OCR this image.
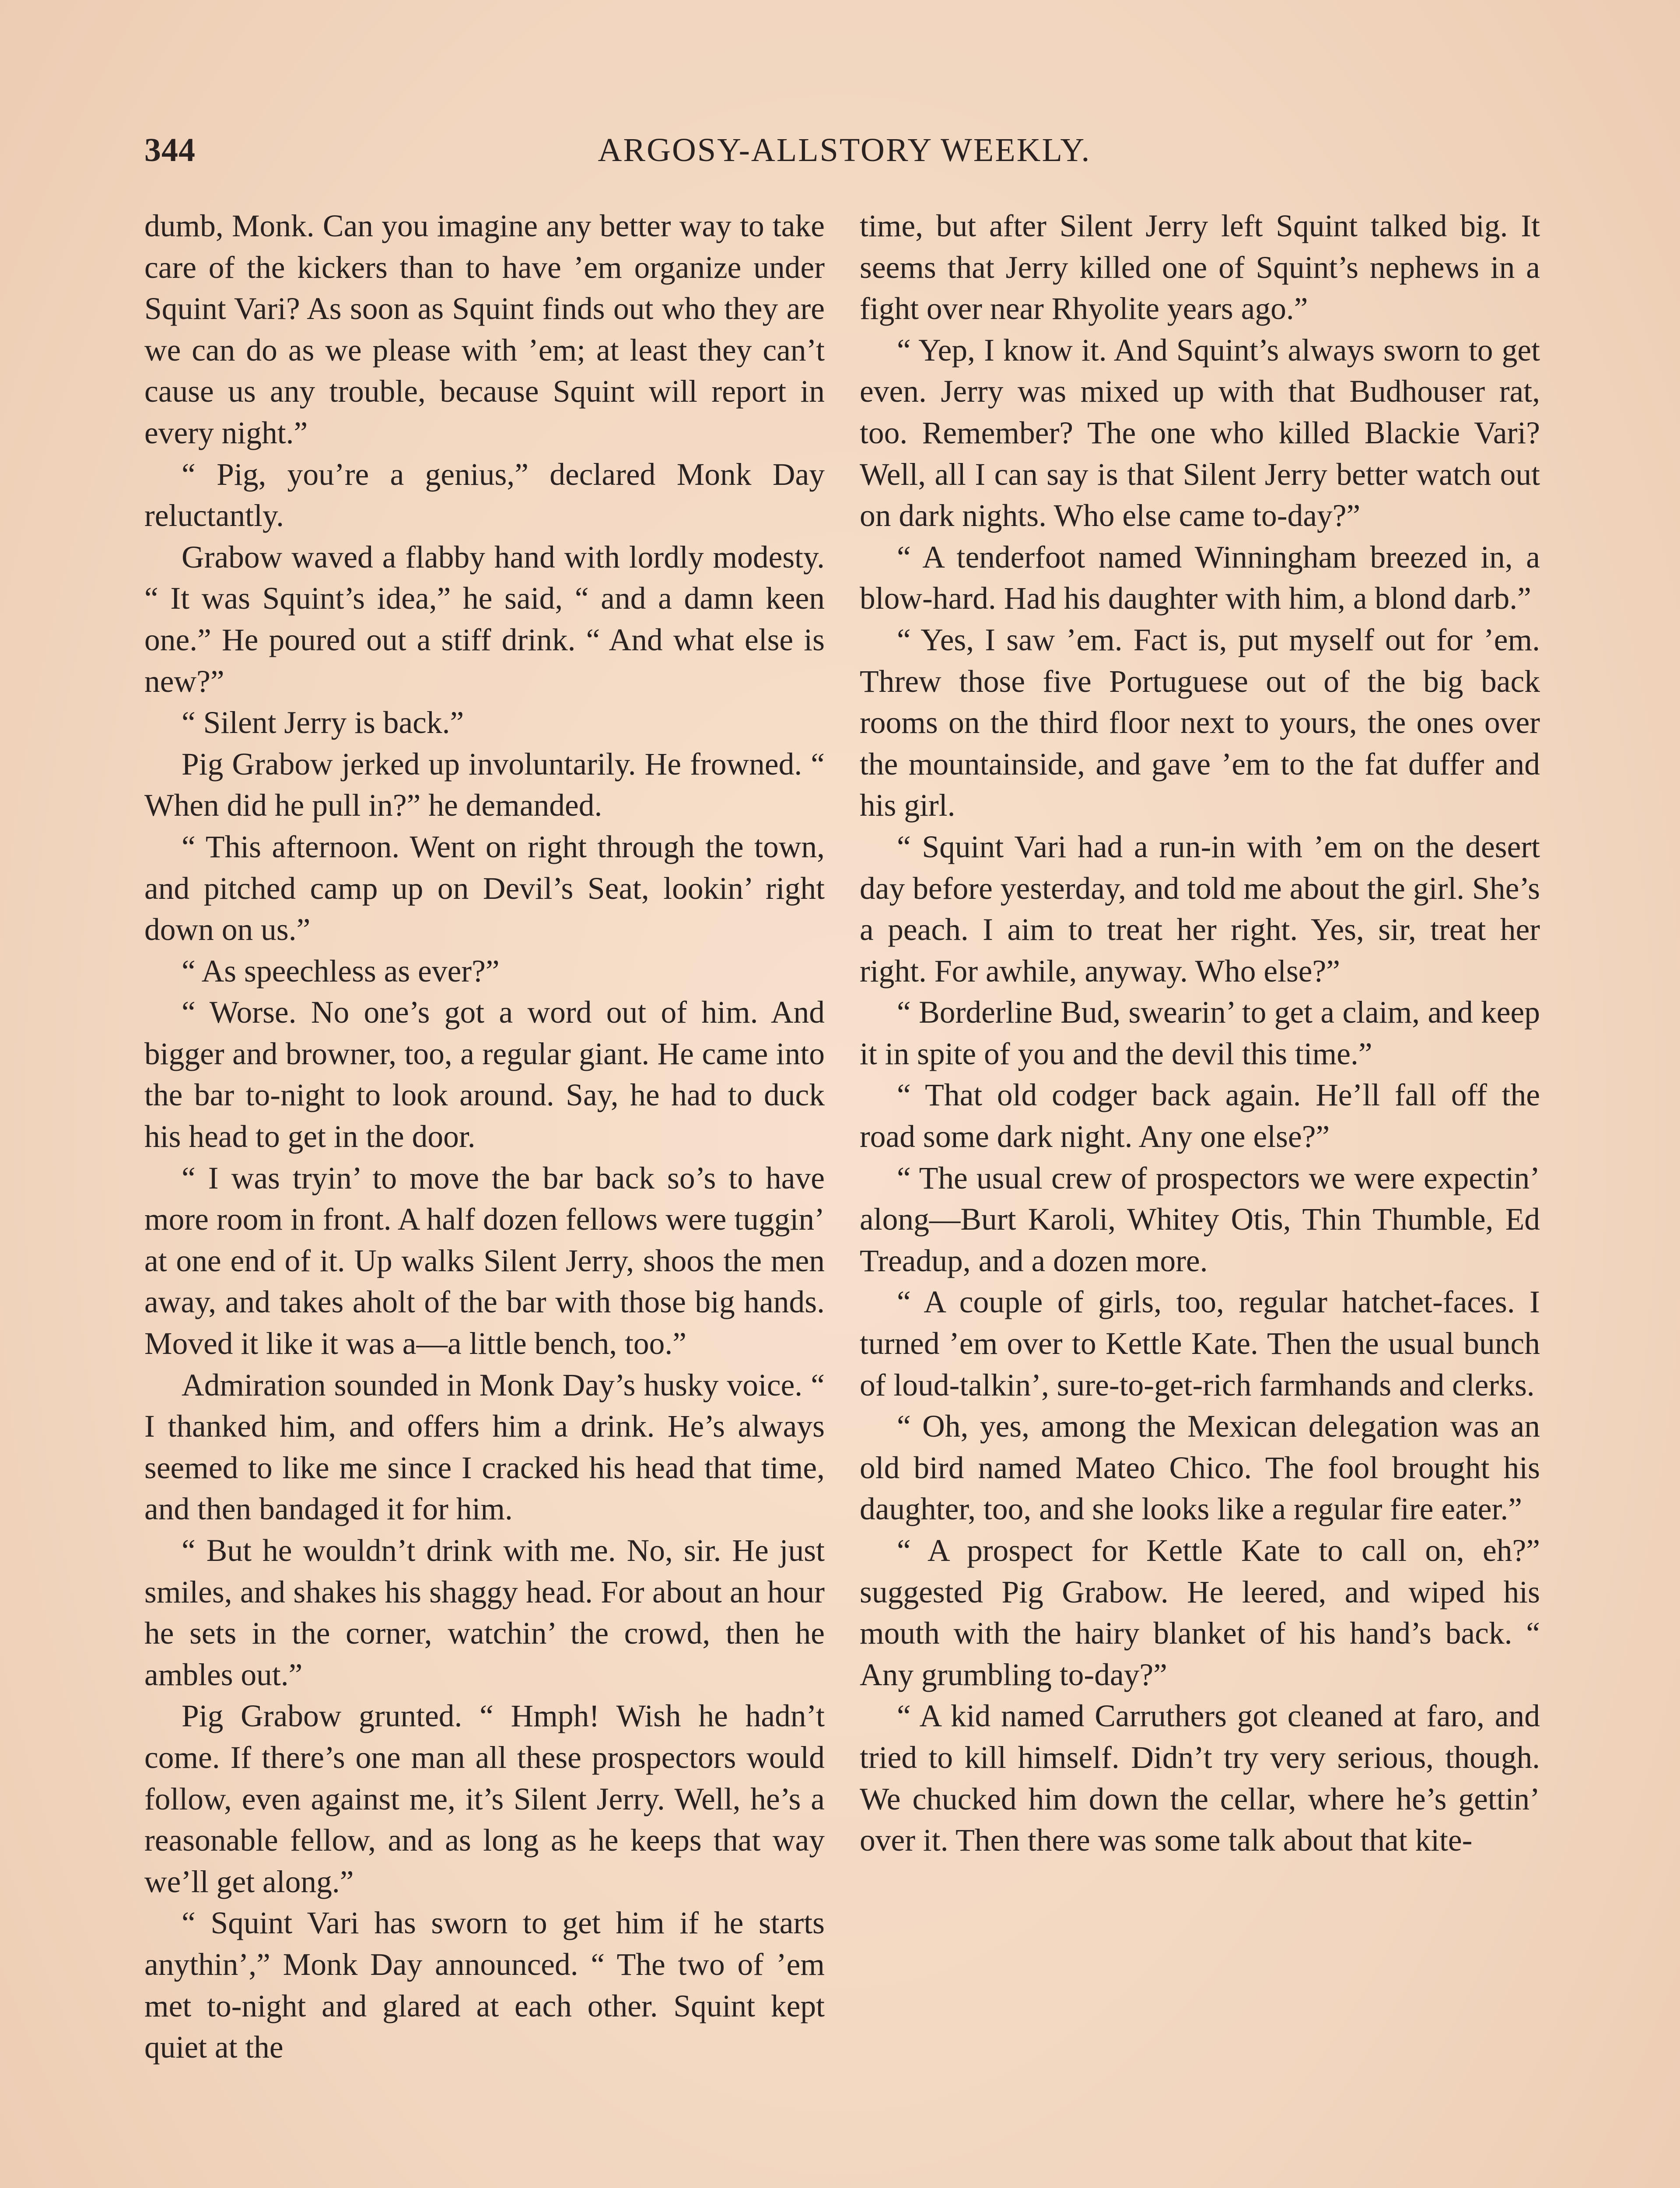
344	ARGOSY-ALLSTORY WEEKLY.

dumb, Monk. Can you imagine any better way to take care of the kickers than to have ’em organize under Squint Vari? As soon as Squint finds out who they are we can do as we please with ’em; at least they can’t cause us any trouble, because Squint will report in every night.”

“ Pig, you’re a genius,” declared Monk Day reluctantly.

Grabow waved a flabby hand with lordly modesty. “ It was Squint’s idea,” he said, “ and a damn keen one.” He poured out a stiff drink. “ And what else is new?”

“ Silent Jerry is back.”

Pig Grabow jerked up involuntarily. He frowned. “ When did he pull in?” he demanded.

“ This afternoon. Went on right through the town, and pitched camp up on Devil’s Seat, lookin’ right down on us.”

“ As speechless as ever?”

“ Worse. No one’s got a word out of him. And bigger and browner, too, a regular giant. He came into the bar to-night to look around. Say, he had to duck his head to get in the door.

“ I was tryin’ to move the bar back so’s to have more room in front. A half dozen fellows were tuggin’ at one end of it. Up walks Silent Jerry, shoos the men away, and takes aholt of the bar with those big hands. Moved it like it was a—a little bench, too.”

Admiration sounded in Monk Day’s husky voice. “ I thanked him, and offers him a drink. He’s always seemed to like me since I cracked his head that time, and then bandaged it for him.

“ But he wouldn’t drink with me. No, sir. He just smiles, and shakes his shaggy head. For about an hour he sets in the corner, watchin’ the crowd, then he ambles out.”

Pig Grabow grunted. “ Hmph! Wish he hadn’t come. If there’s one man all these prospectors would follow, even against me, it’s Silent Jerry. Well, he’s a reasonable fellow, and as long as he keeps that way we’ll get along.”

“ Squint Vari has sworn to get him if he starts anythin’,” Monk Day announced. “ The two of ’em met to-night and glared at each other. Squint kept quiet at the

time, but after Silent Jerry left Squint talked big. It seems that Jerry killed one of Squint’s nephews in a fight over near Rhyolite years ago.”

“ Yep, I know it. And Squint’s always sworn to get even. Jerry was mixed up with that Budhouser rat, too. Remember? The one who killed Blackie Vari? Well, all I can say is that Silent Jerry better watch out on dark nights. Who else came to-day?”

“ A tenderfoot named Winningham breezed in, a blow-hard. Had his daughter with him, a blond darb.”

“ Yes, I saw ’em. Fact is, put myself out for ’em. Threw those five Portuguese out of the big back rooms on the third floor next to yours, the ones over the mountainside, and gave ’em to the fat duffer and his girl.

“ Squint Vari had a run-in with ’em on the desert day before yesterday, and told me about the girl. She’s a peach. I aim to treat her right. Yes, sir, treat her right. For awhile, anyway. Who else?”

“ Borderline Bud, swearin’ to get a claim, and keep it in spite of you and the devil this time.”

“ That old codger back again. He’ll fall off the road some dark night. Any one else?”

“ The usual crew of prospectors we were expectin’ along—Burt Karoli, Whitey Otis, Thin Thumble, Ed Treadup, and a dozen more.

“ A couple of girls, too, regular hatchet-faces. I turned ’em over to Kettle Kate. Then the usual bunch of loud-talkin’, sure-to-get-rich farmhands and clerks.

“ Oh, yes, among the Mexican delegation was an old bird named Mateo Chico. The fool brought his daughter, too, and she looks like a regular fire eater.”

“ A prospect for Kettle Kate to call on, eh?” suggested Pig Grabow. He leered, and wiped his mouth with the hairy blanket of his hand’s back. “ Any grumbling to-day?”

“ A kid named Carruthers got cleaned at faro, and tried to kill himself. Didn’t try very serious, though. We chucked him down the cellar, where he’s gettin’ over it. Then there was some talk about that kite-
